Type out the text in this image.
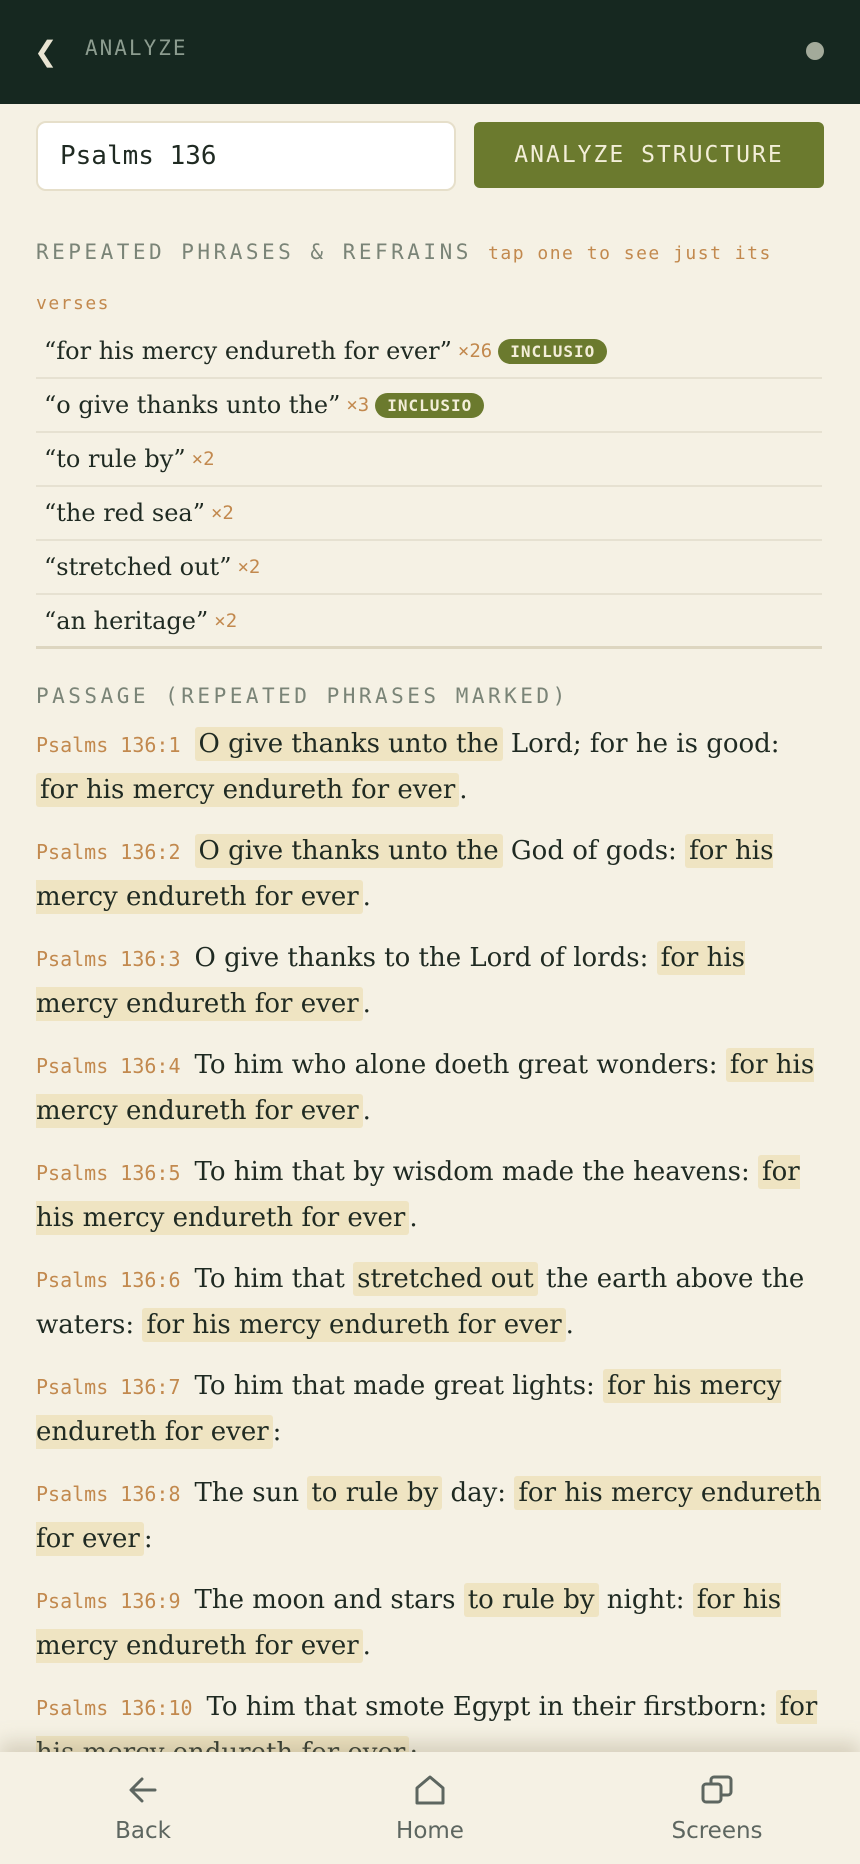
❮ ANALYZE
Psalms 136
ANALYZE STRUCTURE
REPEATED PHRASES & REFRAINS tap one to see just its verses
“for his mercy endureth for ever” ×26	INCLUSIO
“o give thanks unto the” ×3	INCLUSIO
“to rule by” ×2
“the red sea” ×2
“stretched out” ×2
“an heritage” ×2
PASSAGE (REPEATED PHRASES MARKED)

Psalms 136:1 O give thanks unto the Lord; for he is good: for his mercy endureth for ever .

Psalms 136:2 O give thanks unto the God of gods: for his mercy endureth for ever .

Psalms 136:3 O give thanks to the Lord of lords: for his mercy endureth for ever .

Psalms 136:4 To him who alone doeth great wonders: for his mercy endureth for ever .

Psalms 136:5 To him that by wisdom made the heavens: for his mercy endureth for ever .

Psalms 136:6 To him that stretched out the earth above the waters: for his mercy endureth for ever .

Psalms 136:7 To him that made great lights: for his mercy endureth for ever :

Psalms 136:8 The sun to rule by day: for his mercy endureth for ever :

Psalms 136:9 The moon and stars to rule by night: for his mercy endureth for ever .

Psalms 136:10 To him that smote Egypt in their firstborn: for

Back	Home	Screens
